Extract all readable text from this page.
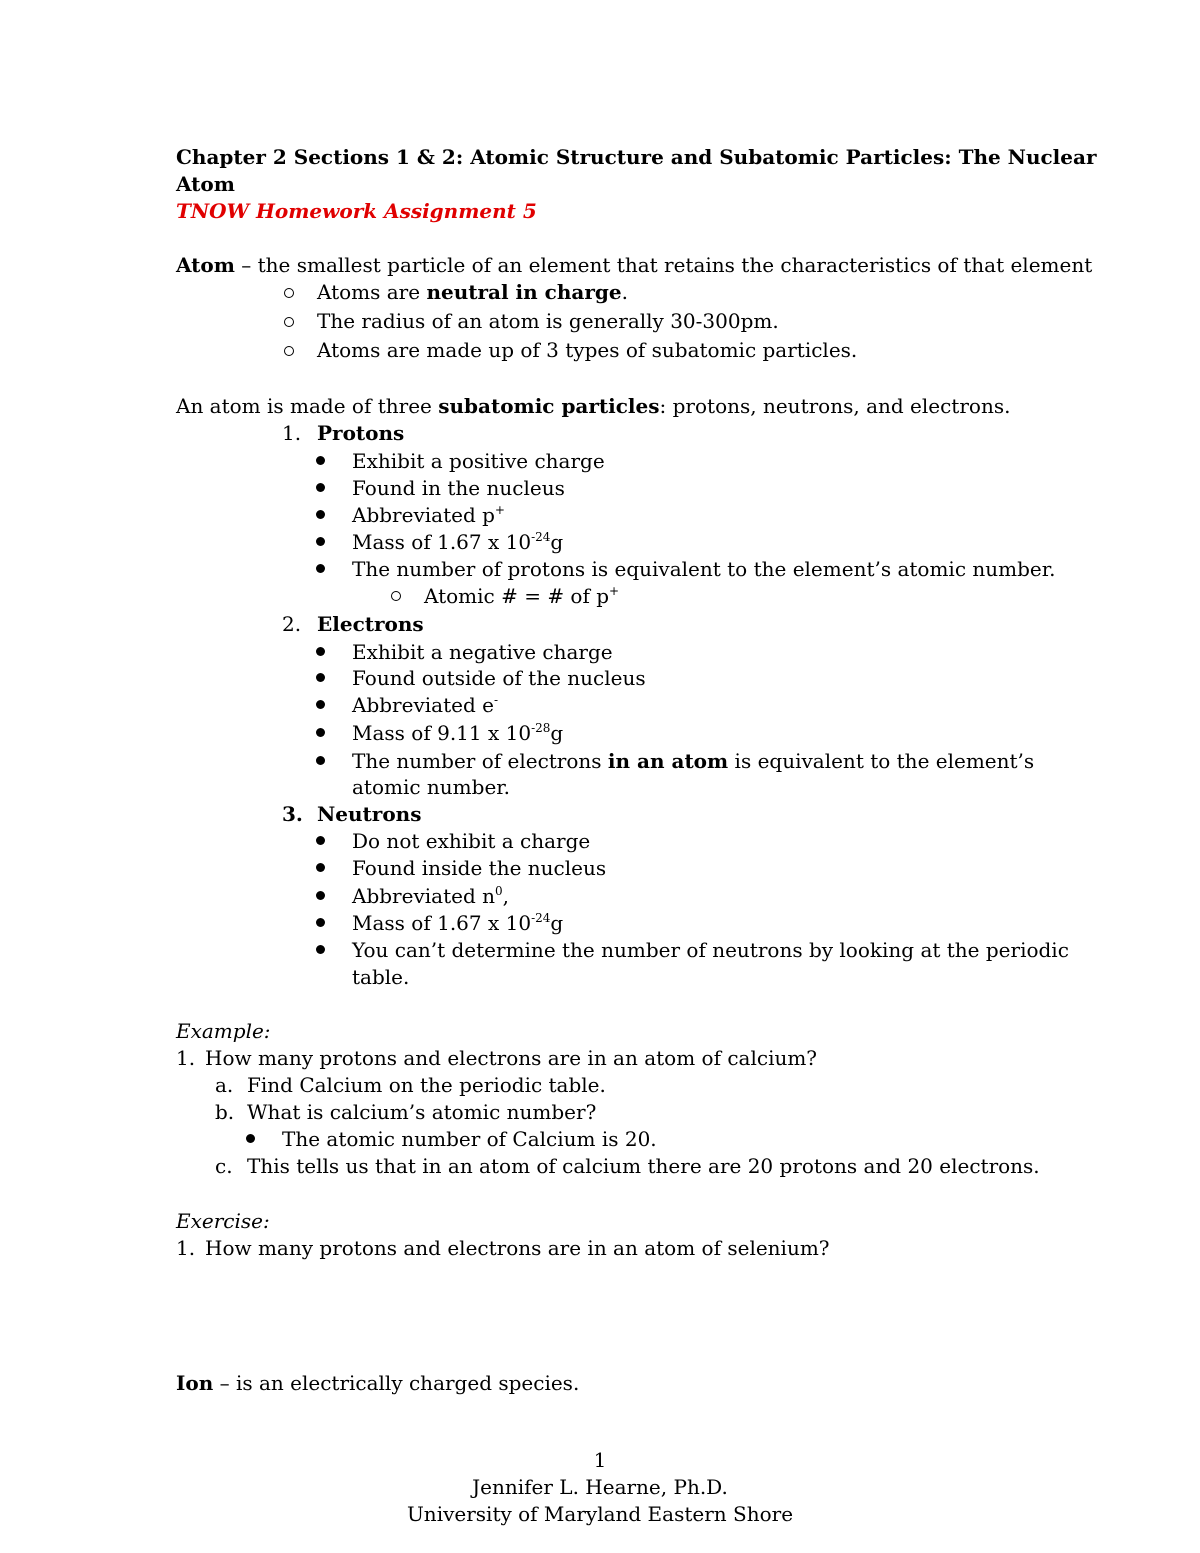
Chapter 2 Sections 1 & 2: Atomic Structure and Subatomic Particles: The Nuclear
Atom
TNOW Homework Assignment 5
Atom – the smallest particle of an element that retains the characteristics of that element
Atoms are neutral in charge.
The radius of an atom is generally 30-300pm.
Atoms are made up of 3 types of subatomic particles.
An atom is made of three subatomic particles: protons, neutrons, and electrons.
1. Protons
Exhibit a positive charge
Found in the nucleus
Abbreviated p+
Mass of 1.67 x $10^{-24}g$
The number of protons is equivalent to the element’s atomic number.
Atomic # = # of p+
2. Electrons
Exhibit a negative charge
Found outside of the nucleus
Abbreviated e-
Mass of 9.11 x $10^{-28}g$
The number of electrons in an atom is equivalent to the element’s
atomic number.
3. Neutrons
Do not exhibit a charge
Found inside the nucleus
Abbreviated $n^0$,
Mass of 1.67 x $10^{-24}g$
You can’t determine the number of neutrons by looking at the periodic
table.
Example:
1. How many protons and electrons are in an atom of calcium?
a. Find Calcium on the periodic table.
b. What is calcium’s atomic number?
The atomic number of Calcium is 20.
c. This tells us that in an atom of calcium there are 20 protons and 20 electrons.
Exercise:
1. How many protons and electrons are in an atom of selenium?
Ion – is an electrically charged species.
1
Jennifer L. Hearne, Ph.D.
University of Maryland Eastern Shore
